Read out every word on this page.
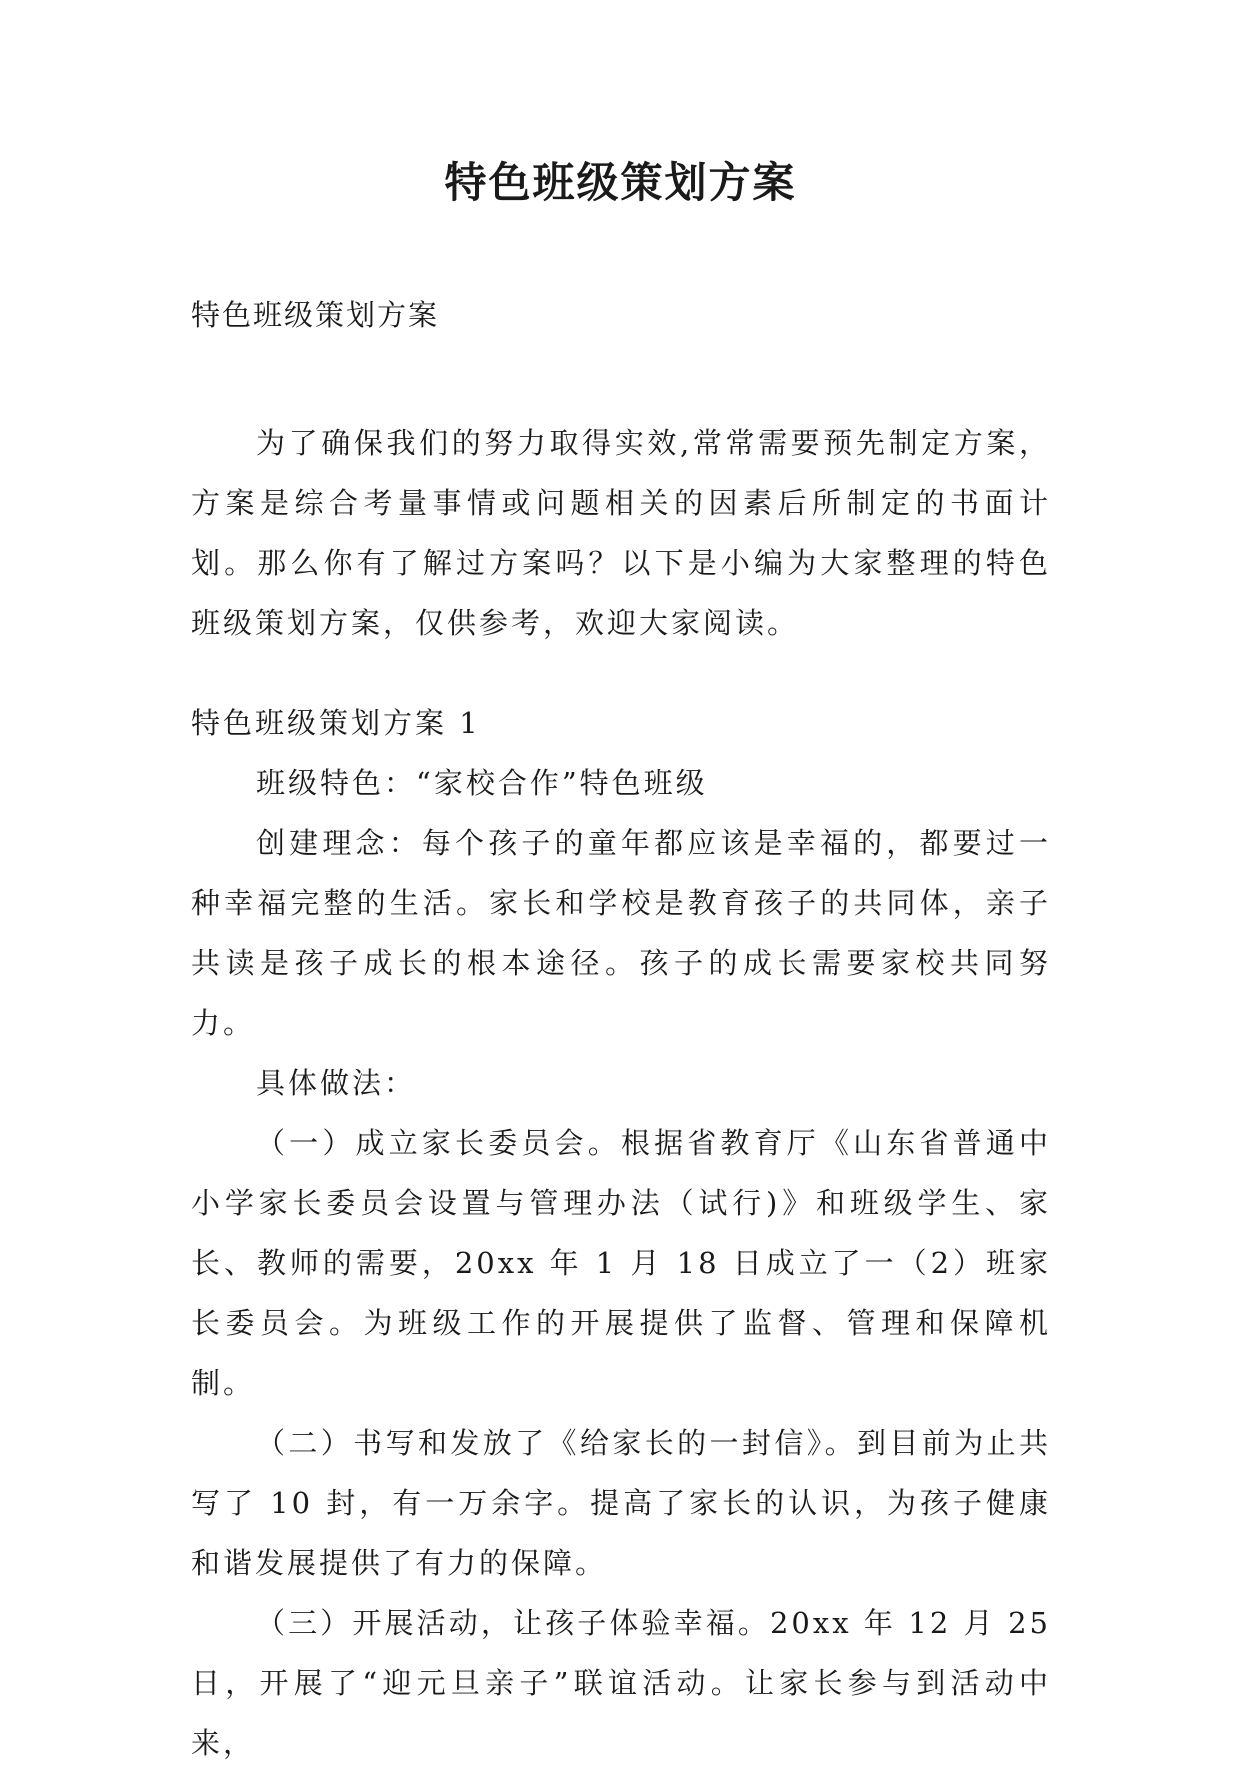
特色班级策划方案

特色班级策划方案

为了确保我们的努力取得实效,常常需要预先制定方案，方案是综合考量事情或问题相关的因素后所制定的书面计划。那么你有了解过方案吗？以下是小编为大家整理的特色班级策划方案，仅供参考，欢迎大家阅读。

特色班级策划方案 1

班级特色：“家校合作”特色班级

创建理念：每个孩子的童年都应该是幸福的，都要过一种幸福完整的生活。家长和学校是教育孩子的共同体，亲子共读是孩子成长的根本途径。孩子的成长需要家校共同努力。

具体做法：

（一）成立家长委员会。根据省教育厅《山东省普通中小学家长委员会设置与管理办法（试行)》和班级学生、家长、教师的需要，20xx 年 1 月 18 日成立了一（2）班家长委员会。为班级工作的开展提供了监督、管理和保障机制。

（二）书写和发放了《给家长的一封信》。到目前为止共写了 10 封，有一万余字。提高了家长的认识，为孩子健康和谐发展提供了有力的保障。

（三）开展活动，让孩子体验幸福。20xx 年 12 月 25 日，开展了“迎元旦亲子”联谊活动。让家长参与到活动中来，
